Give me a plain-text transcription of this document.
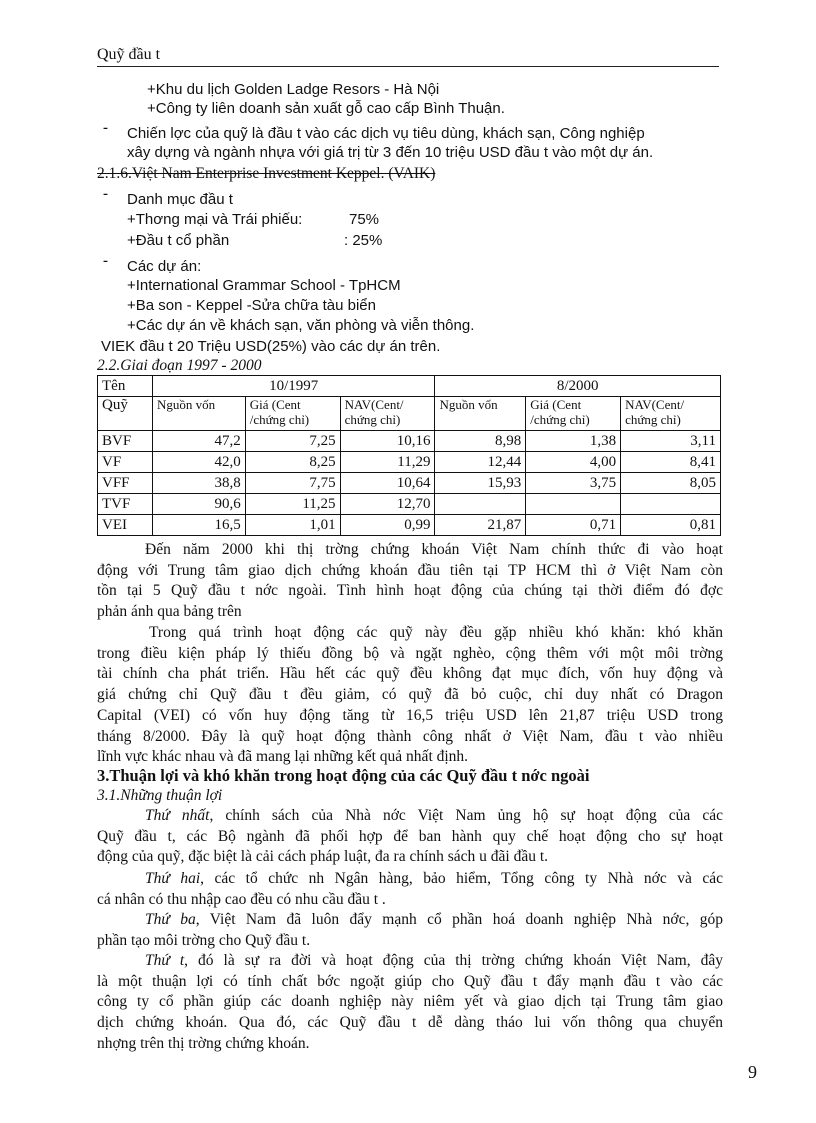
Quỹ đầu t
+Khu du lịch Golden Ladge Resors - Hà Nội
+Công ty liên doanh sản xuất gỗ cao cấp Bình Thuận.
- Chiến lợc của quỹ là đầu t vào các dịch vụ tiêu dùng, khách sạn, Công nghiệp
xây dựng và ngành nhựa với giá trị từ 3 đến 10 triệu USD đầu t vào một dự án.
2.1.6.Việt Nam Enterprise Investment Keppel. (VAIK)
- Danh mục đầu t
+Thơng mại và Trái phiếu:	75%
+Đầu t cổ phần	: 25%
- Các dự án:
+International Grammar School - TpHCM
+Ba son - Keppel -Sửa chữa tàu biển
+Các dự án về khách sạn, văn phòng và viễn thông.
VIEK đầu t 20 Triệu USD(25%) vào các dự án trên.
2.2.Giai đoạn 1997 - 2000
Tên	10/1997			8/2000		
Quỹ	Nguồn vốn	Giá (Cent /chứng chỉ)	NAV(Cent/ chứng chỉ)	Nguồn vốn	Giá (Cent /chứng chỉ)	NAV(Cent/ chứng chỉ)
BVF	47,2	7,25	10,16	8,98	1,38	3,11
VF	42,0	8,25	11,29	12,44	4,00	8,41
VFF	38,8	7,75	10,64	15,93	3,75	8,05
TVF	90,6	11,25	12,70			
VEI	16,5	1,01	0,99	21,87	0,71	0,81

Đến năm 2000 khi thị trờng chứng khoán Việt Nam chính thức đi vào hoạt

động với Trung tâm giao dịch chứng khoán đầu tiên tại TP HCM thì ở Việt Nam còn

tồn tại 5 Quỹ đầu t nớc ngoài. Tình hình hoạt động của chúng tại thời điểm đó đợc

phản ánh qua bảng trên

Trong quá trình hoạt động các quỹ này đều gặp nhiều khó khăn: khó khăn

trong điều kiện pháp lý thiếu đồng bộ và ngặt nghèo, cộng thêm với một môi trờng

tài chính cha phát triển. Hầu hết các quỹ đều không đạt mục đích, vốn huy động và

giá chứng chỉ Quỹ đầu t đều giảm, có quỹ đã bỏ cuộc, chỉ duy nhất có Dragon

Capital (VEI) có vốn huy động tăng từ 16,5 triệu USD lên 21,87 triệu USD trong

tháng 8/2000. Đây là quỹ hoạt động thành công nhất ở Việt Nam, đầu t vào nhiều

lĩnh vực khác nhau và đã mang lại những kết quả nhất định.

3.Thuận lợi và khó khăn trong hoạt động của các Quỹ đầu t nớc ngoài
3.1.Những thuận lợi

Thứ nhất, chính sách của Nhà nớc Việt Nam ủng hộ sự hoạt động của các

Quỹ đầu t, các Bộ ngành đã phối hợp để ban hành quy chế hoạt động cho sự hoạt

động của quỹ, đặc biệt là cải cách pháp luật, đa ra chính sách u đãi đầu t.

Thứ hai, các tổ chức nh Ngân hàng, bảo hiểm, Tổng công ty Nhà nớc và các

cá nhân có thu nhập cao đều có nhu cầu đầu t .

Thứ ba, Việt Nam đã luôn đẩy mạnh cổ phần hoá doanh nghiệp Nhà nớc, góp

phần tạo môi trờng cho Quỹ đầu t.

Thứ t, đó là sự ra đời và hoạt động của thị trờng chứng khoán Việt Nam, đây

là một thuận lợi có tính chất bớc ngoặt giúp cho Quỹ đầu t đẩy mạnh đầu t vào các

công ty cổ phần giúp các doanh nghiệp này niêm yết và giao dịch tại Trung tâm giao

dịch chứng khoán. Qua đó, các Quỹ đầu t dễ dàng tháo lui vốn thông qua chuyển

nhợng trên thị trờng chứng khoán.

9
